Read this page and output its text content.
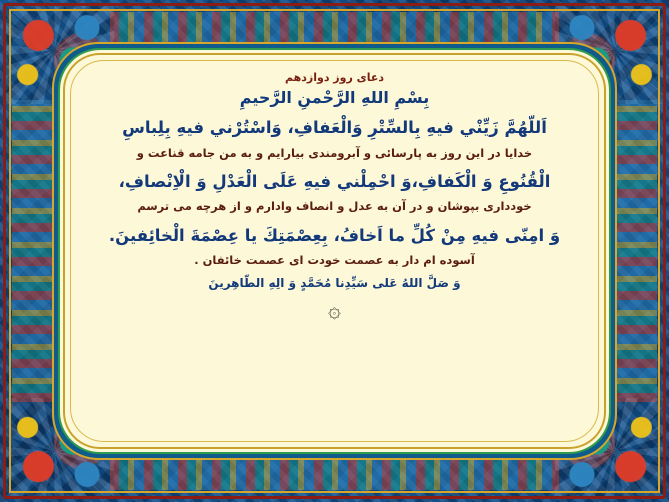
دعای روز دوازدهم
بِسْمِ اللهِ الرَّحْمنِ الرَّحیمِ
اَللّهُمَّ زَیِّنْي فیهِ بِالسِّتْرِ وَالْعَفافِ، وَاسْتُرْني فیهِ بِلِباسِ
خدایا در این روز به پارسائی و آبرومندی بیارایم و به من جامه قناعت و
الْقُنُوعِ وَ الْكَفافِ،وَ احْمِلْني فیهِ عَلَى الْعَدْلِ وَ الْاِنْصافِ،
خودداری بپوشان و در آن به عدل و انصاف وادارم و از هرچه می ترسم
وَ امِنّى فیهِ مِنْ كُلِّ ما اَخافُ، بِعِصْمَتِكَ یا عِصْمَةَ الْخائِفینَ.
آسوده ام دار به عصمت خودت ای عصمت خائفان .
وَ صَلَّ اللهُ عَلى سَیِّدِنا مُحَمَّدٍ وَ الِهِ الطّاهِرینَ
۞
